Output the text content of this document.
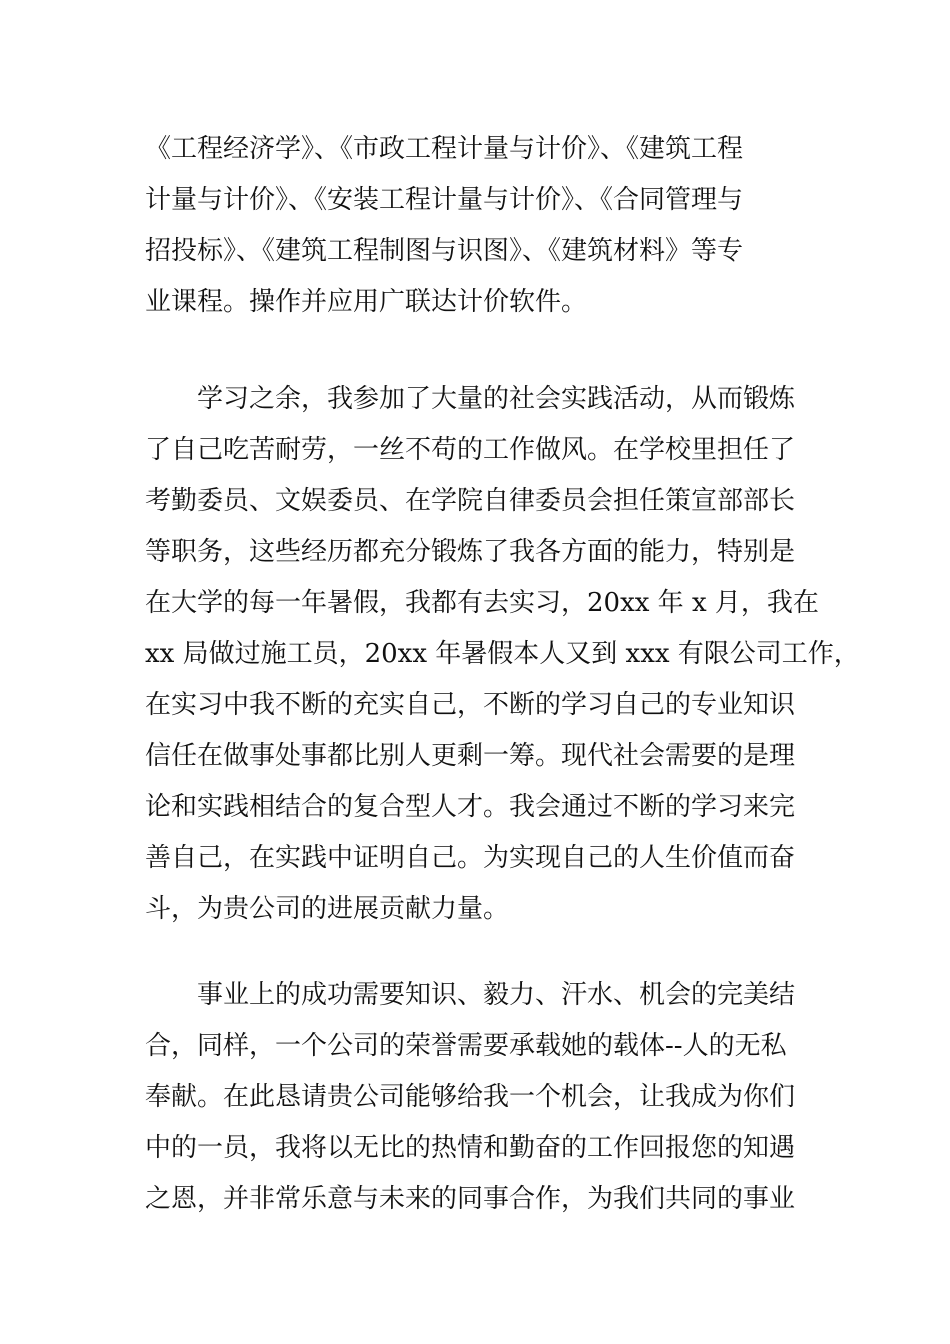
《工程经济学》、《市政工程计量与计价》、《建筑工程
计量与计价》、《安装工程计量与计价》、《合同管理与
招投标》、《建筑工程制图与识图》、《建筑材料》等专
业课程。操作并应用广联达计价软件。
学习之余，我参加了大量的社会实践活动，从而锻炼
了自己吃苦耐劳，一丝不苟的工作做风。在学校里担任了
考勤委员、文娱委员、在学院自律委员会担任策宣部部长
等职务，这些经历都充分锻炼了我各方面的能力，特别是
在大学的每一年暑假，我都有去实习，20xx 年 x 月，我在
xx 局做过施工员，20xx 年暑假本人又到 xxx 有限公司工作，
在实习中我不断的充实自己，不断的学习自己的专业知识
信任在做事处事都比别人更剩一筹。现代社会需要的是理
论和实践相结合的复合型人才。我会通过不断的学习来完
善自己，在实践中证明自己。为实现自己的人生价值而奋
斗，为贵公司的进展贡献力量。
事业上的成功需要知识、毅力、汗水、机会的完美结
合，同样，一个公司的荣誉需要承载她的载体--人的无私
奉献。在此恳请贵公司能够给我一个机会，让我成为你们
中的一员，我将以无比的热情和勤奋的工作回报您的知遇
之恩，并非常乐意与未来的同事合作，为我们共同的事业
